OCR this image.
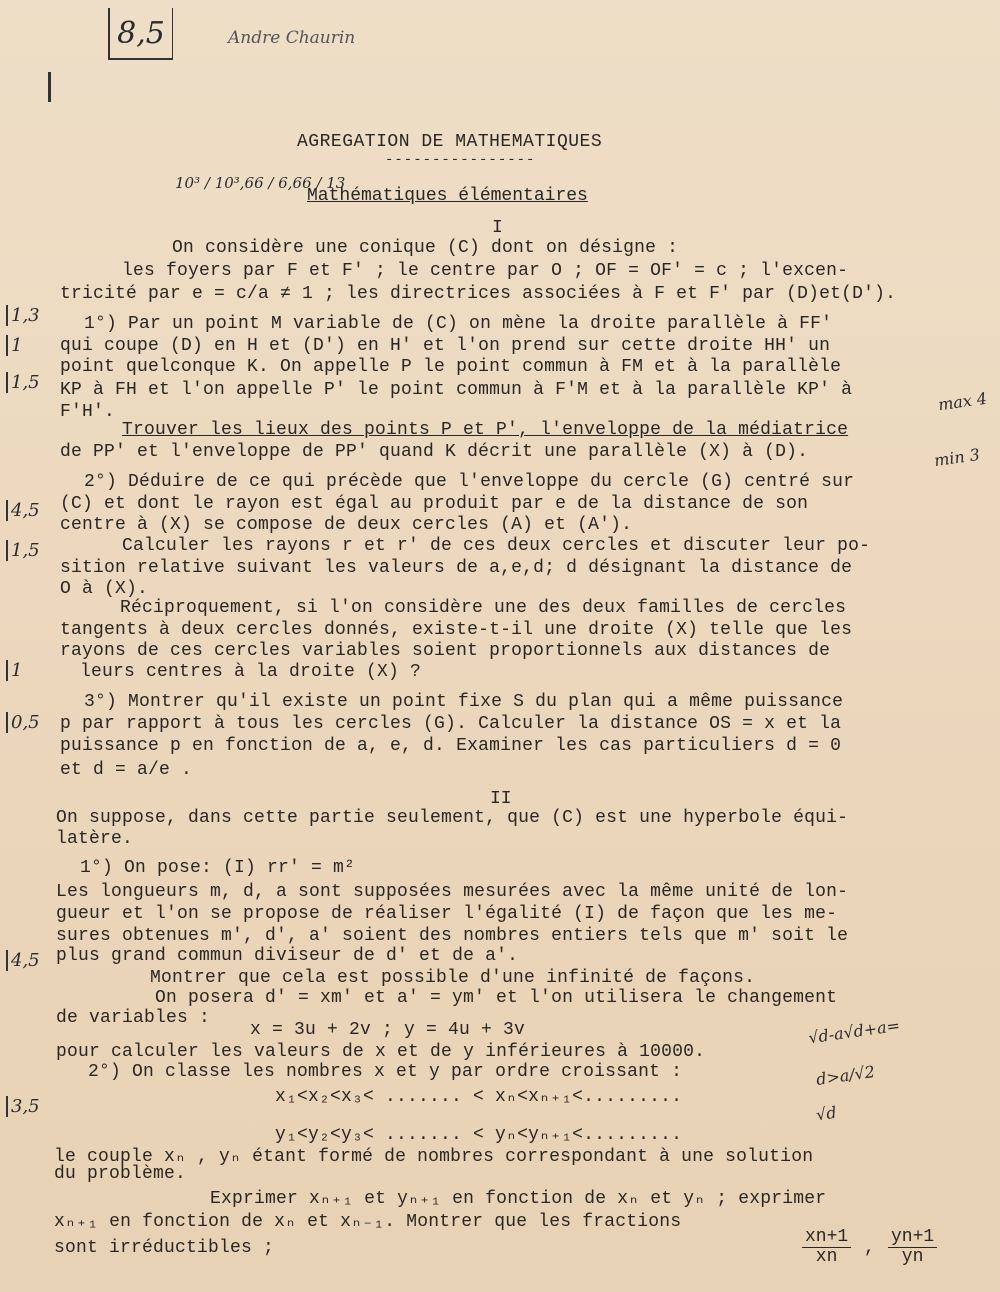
8,5	Andre Chaurin
AGREGATION DE MATHEMATIQUES
----------------
10³ / 10³,66 / 6,66 / 13
Mathématiques élémentaires
I
On considère une conique (C) dont on désigne :
les foyers par F et F' ; le centre par O ; OF = OF' = c ; l'excen-
tricité par e = c/a ≠ 1 ; les directrices associées à F et F' par (D)et(D').
1°) Par un point M variable de (C) on mène la droite parallèle à FF'
qui coupe (D) en H et (D') en H' et l'on prend sur cette droite HH' un
point quelconque K. On appelle P le point commun à FM et à la parallèle
KP à FH et l'on appelle P' le point commun à F'M et à la parallèle KP' à
F'H'.
Trouver les lieux des points P et P', l'enveloppe de la médiatrice
de PP' et l'enveloppe de PP' quand K décrit une parallèle (X) à (D).
2°) Déduire de ce qui précède que l'enveloppe du cercle (G) centré sur
(C) et dont le rayon est égal au produit par e de la distance de son
centre à (X) se compose de deux cercles (A) et (A').
Calculer les rayons r et r' de ces deux cercles et discuter leur po-
sition relative suivant les valeurs de a,e,d; d désignant la distance de
O à (X).
Réciproquement, si l'on considère une des deux familles de cercles
tangents à deux cercles donnés, existe-t-il une droite (X) telle que les
rayons de ces cercles variables soient proportionnels aux distances de
leurs centres à la droite (X) ?
3°) Montrer qu'il existe un point fixe S du plan qui a même puissance
p par rapport à tous les cercles (G). Calculer la distance OS = x et la
puissance p en fonction de a, e, d. Examiner les cas particuliers d = 0
et d = a/e .
II
On suppose, dans cette partie seulement, que (C) est une hyperbole équi-
latère.
1°) On pose: (I) rr' = m²
Les longueurs m, d, a sont supposées mesurées avec la même unité de lon-
gueur et l'on se propose de réaliser l'égalité (I) de façon que les me-
sures obtenues m', d', a' soient des nombres entiers tels que m' soit le
plus grand commun diviseur de d' et de a'.
Montrer que cela est possible d'une infinité de façons.
On posera d' = xm' et a' = ym' et l'on utilisera le changement
de variables :
x = 3u + 2v ; y = 4u + 3v
pour calculer les valeurs de x et de y inférieures à 10000.
2°) On classe les nombres x et y par ordre croissant :
x₁<x₂<x₃< ....... < xₙ<xₙ₊₁<.........
y₁<y₂<y₃< ....... < yₙ<yₙ₊₁<.........
le couple xₙ , yₙ étant formé de nombres correspondant à une solution
du problème.
Exprimer xₙ₊₁ et yₙ₊₁ en fonction de xₙ et yₙ ; exprimer
xₙ₊₁ en fonction de xₙ et xₙ₋₁. Montrer que les fractions
sont irréductibles ;
1,3
1
1,5
4,5
1,5
1
0,5
4,5
3,5
max 4
min 3
√d-a√d+a=
d>a/√2
√d
$\frac{xn+1}{xn}$ , $\frac{yn+1}{yn}$
